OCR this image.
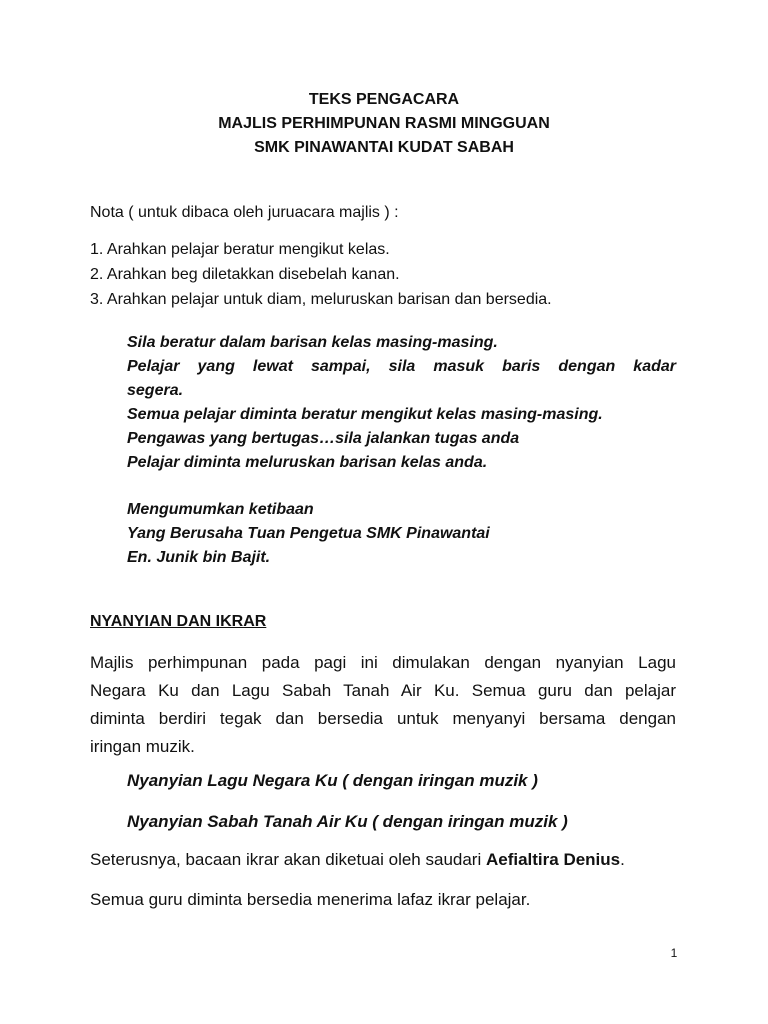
TEKS PENGACARA
MAJLIS PERHIMPUNAN RASMI MINGGUAN
SMK PINAWANTAI KUDAT SABAH
Nota ( untuk dibaca oleh juruacara majlis ) :
1. Arahkan pelajar beratur mengikut kelas.
2. Arahkan beg diletakkan disebelah kanan.
3. Arahkan pelajar untuk diam, meluruskan barisan dan bersedia.
Sila beratur dalam barisan kelas masing-masing.
Pelajar yang lewat sampai, sila masuk baris dengan kadar
segera.
Semua pelajar diminta beratur mengikut kelas masing-masing.
Pengawas yang bertugas…sila jalankan tugas anda
Pelajar diminta meluruskan barisan kelas anda.
Mengumumkan ketibaan
Yang Berusaha Tuan Pengetua SMK Pinawantai
En. Junik bin Bajit.
NYANYIAN DAN IKRAR
Majlis perhimpunan pada pagi ini dimulakan dengan nyanyian Lagu
Negara Ku dan Lagu Sabah Tanah Air Ku. Semua guru dan pelajar
diminta berdiri tegak dan bersedia untuk menyanyi bersama dengan
iringan muzik.
Nyanyian Lagu Negara Ku ( dengan iringan muzik )
Nyanyian Sabah Tanah Air Ku ( dengan iringan muzik )
Seterusnya, bacaan ikrar akan diketuai oleh saudari Aefialtira Denius.
Semua guru diminta bersedia menerima lafaz ikrar pelajar.
1
